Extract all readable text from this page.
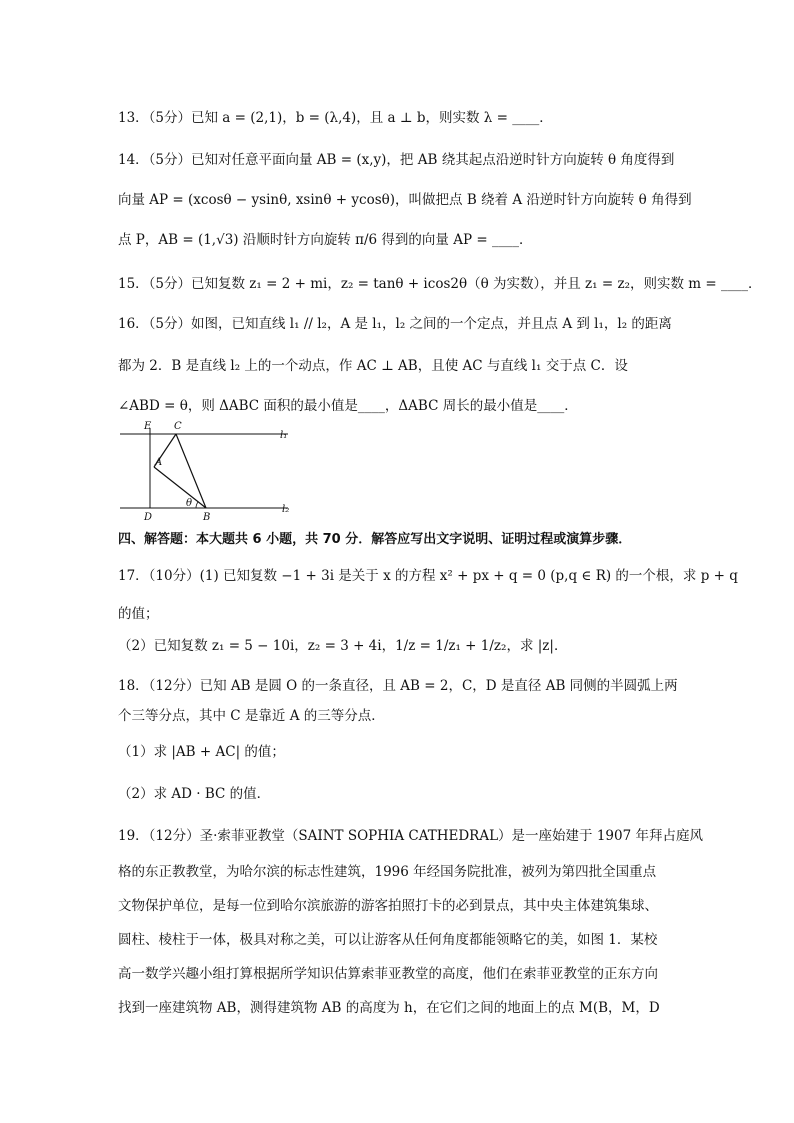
13．（5分）已知 a = (2,1)，b = (λ,4)，且 a ⊥ b，则实数 λ = ____．
14．（5分）已知对任意平面向量 AB = (x,y)，把 AB 绕其起点沿逆时针方向旋转 θ 角度得到
向量 AP = (xcosθ − ysinθ, xsinθ + ycosθ)，叫做把点 B 绕着 A 沿逆时针方向旋转 θ 角得到
点 P，AB = (1,√3) 沿顺时针方向旋转 π/6 得到的向量 AP = ____．
15．（5分）已知复数 z₁ = 2 + mi，z₂ = tanθ + icos2θ（θ 为实数），并且 z₁ = z₂，则实数 m = ____．
16．（5分）如图，已知直线 l₁ // l₂，A 是 l₁，l₂ 之间的一个定点，并且点 A 到 l₁，l₂ 的距离
都为 2．B 是直线 l₂ 上的一个动点，作 AC ⊥ AB，且使 AC 与直线 l₁ 交于点 C．设
∠ABD = θ，则 ΔABC 面积的最小值是____，ΔABC 周长的最小值是____．
E C
A
θ
D	B
l₁
l₂
四、解答题：本大题共 6 小题，共 70 分．解答应写出文字说明、证明过程或演算步骤．
17．（10分）(1) 已知复数 −1 + 3i 是关于 x 的方程 x² + px + q = 0 (p,q ∈ R) 的一个根，求 p + q
的值；
（2）已知复数 z₁ = 5 − 10i，z₂ = 3 + 4i，1/z = 1/z₁ + 1/z₂，求 |z|．
18．（12分）已知 AB 是圆 O 的一条直径，且 AB = 2，C，D 是直径 AB 同侧的半圆弧上两
个三等分点，其中 C 是靠近 A 的三等分点．
（1）求 |AB + AC| 的值；
（2）求 AD · BC 的值．
19．（12分）圣·索菲亚教堂（SAINT SOPHIA CATHEDRAL）是一座始建于 1907 年拜占庭风
格的东正教教堂，为哈尔滨的标志性建筑，1996 年经国务院批准，被列为第四批全国重点
文物保护单位，是每一位到哈尔滨旅游的游客拍照打卡的必到景点，其中央主体建筑集球、
圆柱、棱柱于一体，极具对称之美，可以让游客从任何角度都能领略它的美，如图 1．某校
高一数学兴趣小组打算根据所学知识估算索菲亚教堂的高度，他们在索菲亚教堂的正东方向
找到一座建筑物 AB，测得建筑物 AB 的高度为 h，在它们之间的地面上的点 M(B，M，D
